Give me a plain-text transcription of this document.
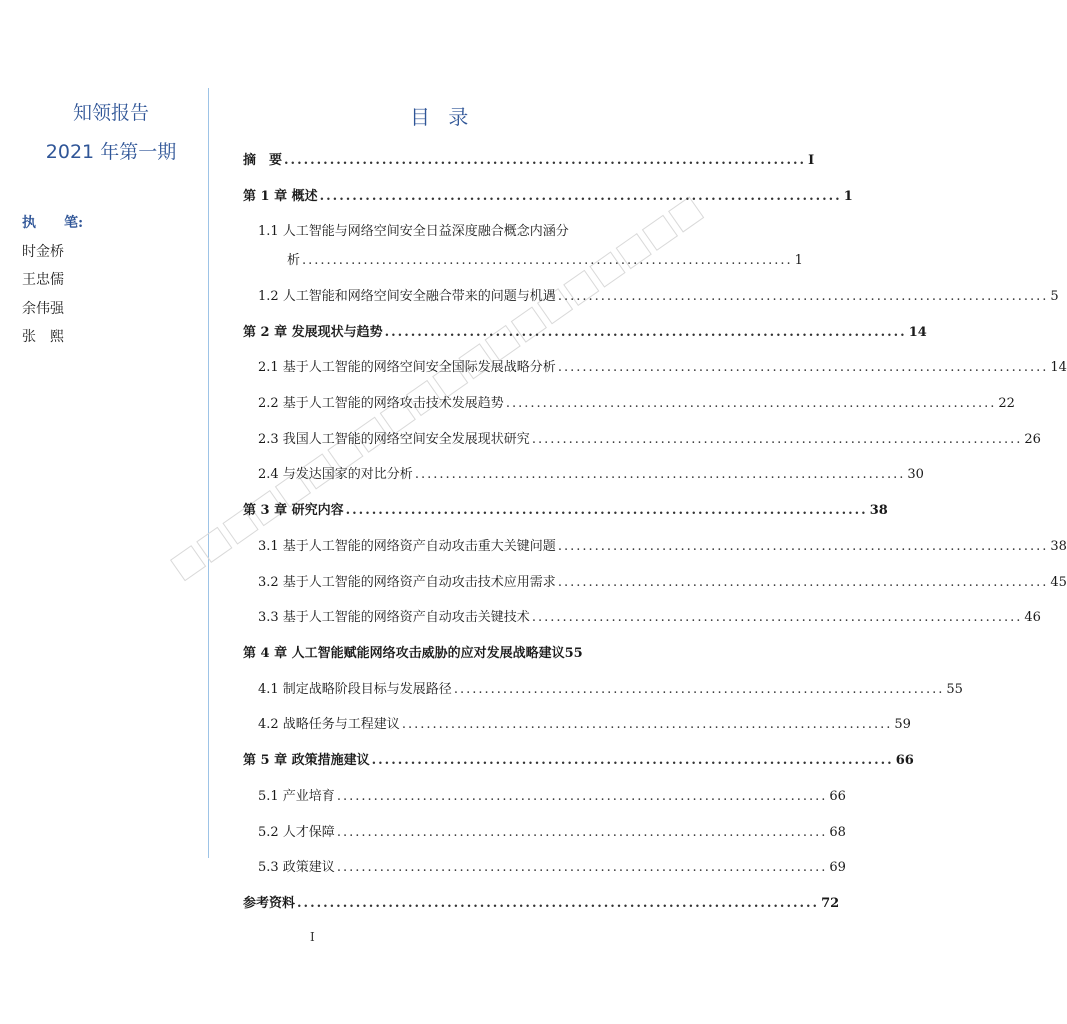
知领报告
2021 年第一期
执　　笔:
时金桥
王忠儒
余伟强
张　熙
目 录
摘　要 ................................................................................ I
第 1 章 概述 ................................................................................ 1
1.1 人工智能与网络空间安全日益深度融合概念内涵分
析 ................................................................................ 1
1.2 人工智能和网络空间安全融合带来的问题与机遇 ................................................................................ 5
第 2 章 发展现状与趋势 ................................................................................ 14
2.1 基于人工智能的网络空间安全国际发展战略分析 ................................................................................ 14
2.2 基于人工智能的网络攻击技术发展趋势 ................................................................................ 22
2.3 我国人工智能的网络空间安全发展现状研究 ................................................................................ 26
2.4 与发达国家的对比分析 ................................................................................ 30
第 3 章 研究内容 ................................................................................ 38
3.1 基于人工智能的网络资产自动攻击重大关键问题 ................................................................................ 38
3.2 基于人工智能的网络资产自动攻击技术应用需求 ................................................................................ 45
3.3 基于人工智能的网络资产自动攻击关键技术 ................................................................................ 46
第 4 章 人工智能赋能网络攻击威胁的应对发展战略建议 55
4.1 制定战略阶段目标与发展路径 ................................................................................ 55
4.2 战略任务与工程建议 ................................................................................ 59
第 5 章 政策措施建议 ................................................................................ 66
5.1 产业培育 ................................................................................ 66
5.2 人才保障 ................................................................................ 68
5.3 政策建议 ................................................................................ 69
参考资料 ................................................................................ 72
I
